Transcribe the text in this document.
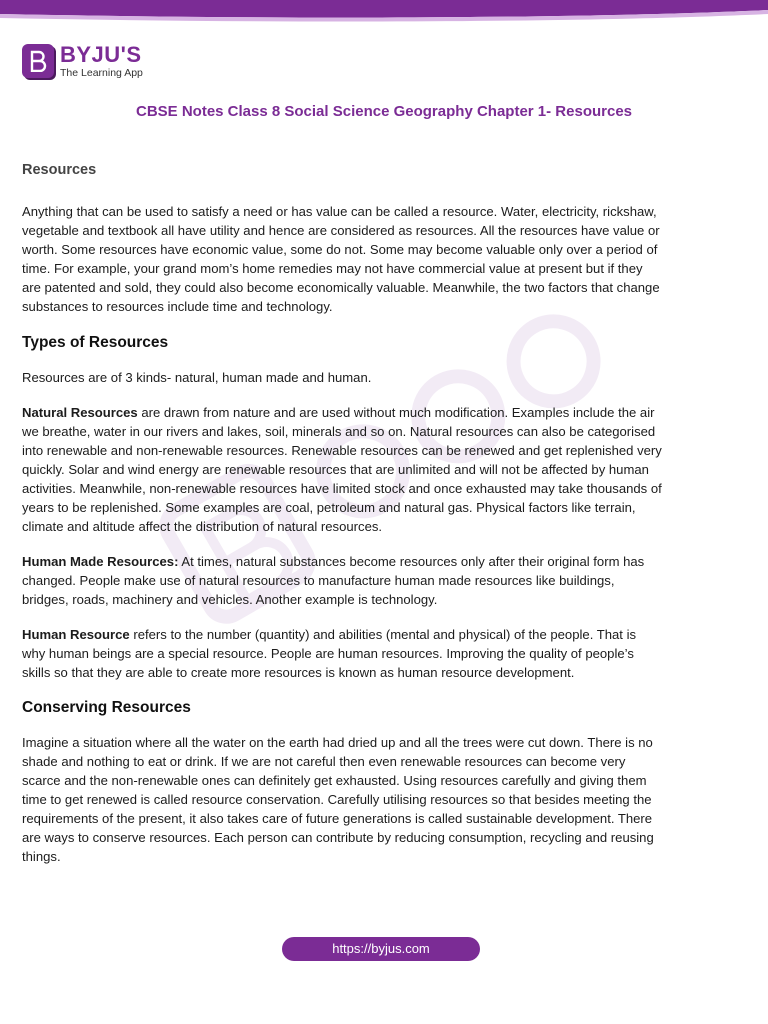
BYJU'S
The Learning App
CBSE Notes Class 8 Social Science Geography Chapter 1- Resources
Resources

Anything that can be used to satisfy a need or has value can be called a resource. Water, electricity, rickshaw, vegetable and textbook all have utility and hence are considered as resources. All the resources have value or worth. Some resources have economic value, some do not. Some may become valuable only over a period of time. For example, your grand mom’s home remedies may not have commercial value at present but if they are patented and sold, they could also become economically valuable. Meanwhile, the two factors that change substances to resources include time and technology.

Types of Resources

Resources are of 3 kinds- natural, human made and human.

Natural Resources are drawn from nature and are used without much modification. Examples include the air we breathe, water in our rivers and lakes, soil, minerals and so on. Natural resources can also be categorised into renewable and non-renewable resources. Renewable resources can be renewed and get replenished very quickly. Solar and wind energy are renewable resources that are unlimited and will not be affected by human activities. Meanwhile, non-renewable resources have limited stock and once exhausted may take thousands of years to be replenished. Some examples are coal, petroleum and natural gas. Physical factors like terrain, climate and altitude affect the distribution of natural resources.

Human Made Resources: At times, natural substances become resources only after their original form has changed. People make use of natural resources to manufacture human made resources like buildings, bridges, roads, machinery and vehicles. Another example is technology.

Human Resource refers to the number (quantity) and abilities (mental and physical) of the people. That is why human beings are a special resource. People are human resources. Improving the quality of people’s skills so that they are able to create more resources is known as human resource development.

Conserving Resources

Imagine a situation where all the water on the earth had dried up and all the trees were cut down. There is no shade and nothing to eat or drink. If we are not careful then even renewable resources can become very scarce and the non-renewable ones can definitely get exhausted. Using resources carefully and giving them time to get renewed is called resource conservation. Carefully utilising resources so that besides meeting the requirements of the present, it also takes care of future generations is called sustainable development. There are ways to conserve resources. Each person can contribute by reducing consumption, recycling and reusing things.

https://byjus.com
